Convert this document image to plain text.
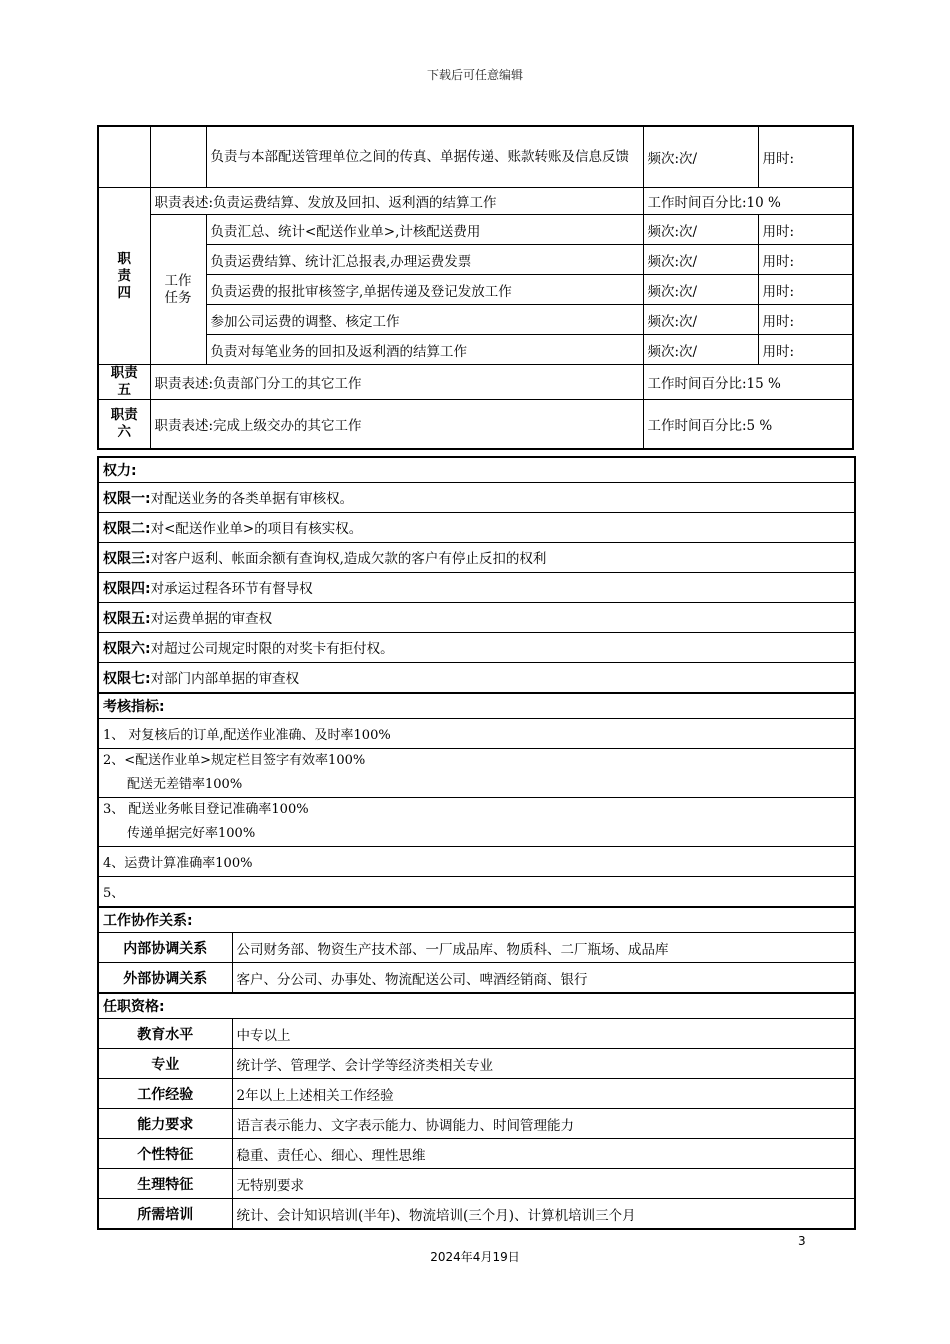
下载后可任意编辑
		负责与本部配送管理单位之间的传真、单据传递、账款转账及信息反馈	频次:次/	用时:
职责四	职责表述:负责运费结算、发放及回扣、返利酒的结算工作		工作时间百分比:10 %	
	工作任务	负责汇总、统计<配送作业单>,计核配送费用	频次:次/	用时:
		负责运费结算、统计汇总报表,办理运费发票	频次:次/	用时:
		负责运费的报批审核签字,单据传递及登记发放工作	频次:次/	用时:
		参加公司运费的调整、核定工作	频次:次/	用时:
		负责对每笔业务的回扣及返利酒的结算工作	频次:次/	用时:
职责五	职责表述:负责部门分工的其它工作		工作时间百分比:15 %	
职责六	职责表述:完成上级交办的其它工作		工作时间百分比:5 %	
权力:	
权限一:对配送业务的各类单据有审核权。	
权限二:对<配送作业单>的项目有核实权。	
权限三:对客户返利、帐面余额有查询权,造成欠款的客户有停止反扣的权利	
权限四:对承运过程各环节有督导权	
权限五:对运费单据的审查权	
权限六:对超过公司规定时限的对奖卡有拒付权。	
权限七:对部门内部单据的审查权	
考核指标:	
1、 对复核后的订单,配送作业准确、及时率100%	

2、<配送作业单>规定栏目签字有效率100%
配送无差错率100%	

3、 配送业务帐目登记准确率100%
传递单据完好率100%	

4、运费计算准确率100%	
5、	
工作协作关系:	
内部协调关系	公司财务部、物资生产技术部、一厂成品库、物质科、二厂瓶场、成品库
外部协调关系	客户、分公司、办事处、物流配送公司、啤酒经销商、银行
任职资格:	
教育水平	中专以上
专业	统计学、管理学、会计学等经济类相关专业
工作经验	2年以上上述相关工作经验
能力要求	语言表示能力、文字表示能力、协调能力、时间管理能力
个性特征	稳重、责任心、细心、理性思维
生理特征	无特别要求
所需培训	统计、会计知识培训(半年)、物流培训(三个月)、计算机培训三个月
3
2024年4月19日
